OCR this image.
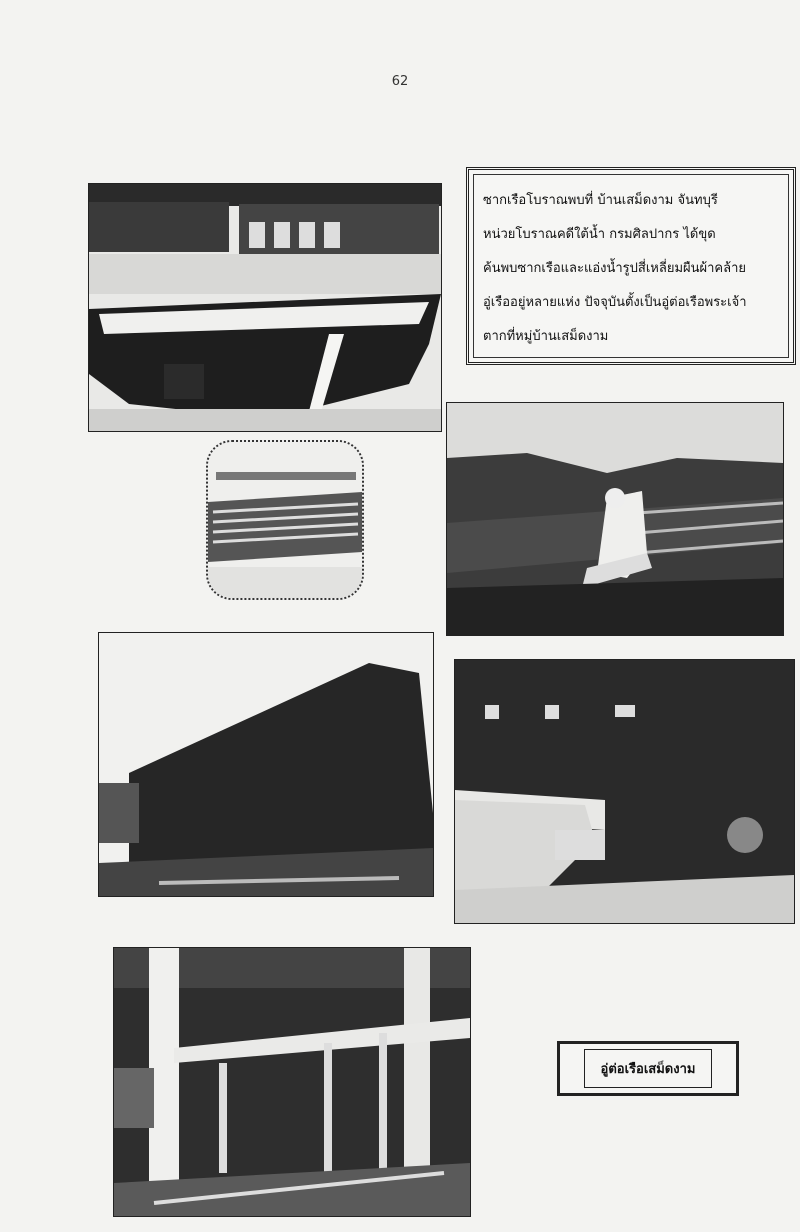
62
ซากเรือโบราณพบที่ บ้านเสม็ดงาม จันทบุรี
หน่วยโบราณคดีใต้น้ำ กรมศิลปากร ได้ขุด
ค้นพบซากเรือและแอ่งน้ำรูปสี่เหลี่ยมผืนผ้าคล้าย
อู่เรืออยู่หลายแห่ง ปัจจุบันตั้งเป็นอู่ต่อเรือพระเจ้า
ตากที่หมู่บ้านเสม็ดงาม
อู่ต่อเรือเสม็ดงาม
